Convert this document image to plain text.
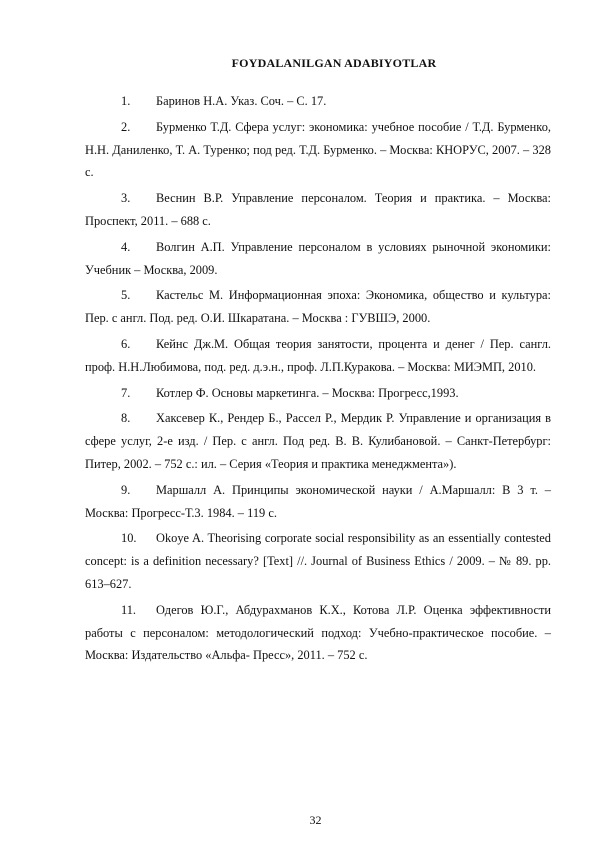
FOYDALANILGAN ADABIYOTLAR
1. Баринов Н.А. Указ. Соч. – С. 17.
2. Бурменко Т.Д. Сфера услуг: экономика: учебное пособие / Т.Д. Бурменко, Н.Н. Даниленко, Т. А. Туренко; под ред. Т.Д. Бурменко. – Москва: КНОРУС, 2007. – 328 с.
3. Веснин В.Р. Управление персоналом. Теория и практика. – Москва: Проспект, 2011. – 688 с.
4. Волгин А.П. Управление персоналом в условиях рыночной экономики: Учебник – Москва, 2009.
5. Кастельс М. Информационная эпоха: Экономика, общество и культура: Пер. с англ. Под. ред. О.И. Шкаратана. – Москва : ГУВШЭ, 2000.
6. Кейнс Дж.М. Общая теория занятости, процента и денег / Пер. сангл. проф. Н.Н.Любимова, под. ред. д.э.н., проф. Л.П.Куракова. – Москва: МИЭМП, 2010.
7. Котлер Ф. Основы маркетинга. – Москва: Прогресс,1993.
8. Хаксевер К., Рендер Б., Рассел Р., Мердик Р. Управление и организация в сфере услуг, 2-е изд. / Пер. с англ. Под ред. В. В. Кулибановой. – Санкт-Петербург: Питер, 2002. – 752 с.: ил. – Серия «Теория и практика менеджмента»).
9. Маршалл А. Принципы экономической науки / А.Маршалл: В 3 т. – Москва: Прогресс-Т.3. 1984. – 119 с.
10. Okoye A. Theorising corporate social responsibility as an essentially contested concept: is a definition necessary? [Text] //. Journal of Business Ethics / 2009. – № 89. pp. 613–627.
11. Одегов Ю.Г., Абдурахманов К.Х., Котова Л.Р. Оценка эффективности работы с персоналом: методологический подход: Учебно-практическое пособие. – Москва: Издательство «Альфа- Пресс», 2011. – 752 с.
32
